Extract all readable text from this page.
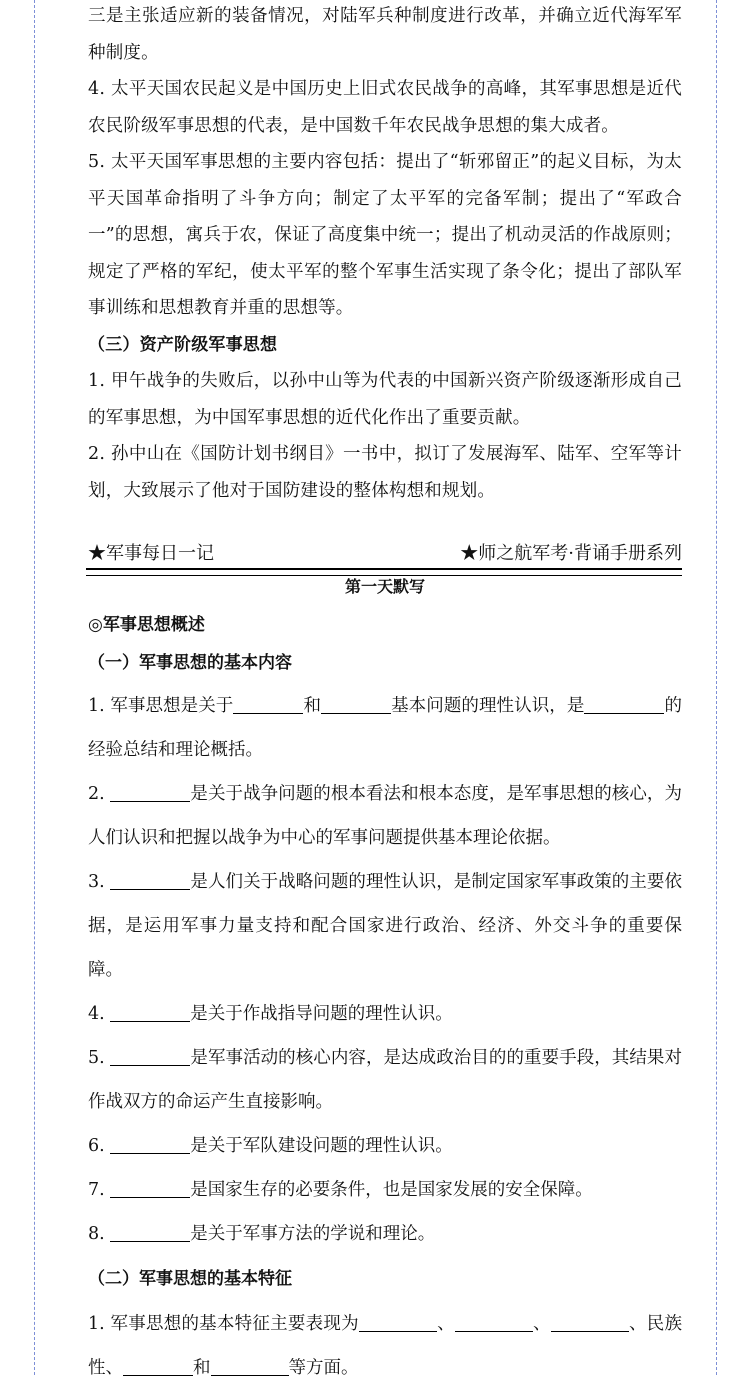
三是主张适应新的装备情况，对陆军兵种制度进行改革，并确立近代海军军种制度。

4. 太平天国农民起义是中国历史上旧式农民战争的高峰，其军事思想是近代农民阶级军事思想的代表，是中国数千年农民战争思想的集大成者。

5. 太平天国军事思想的主要内容包括：提出了“斩邪留正”的起义目标，为太平天国革命指明了斗争方向；制定了太平军的完备军制；提出了“军政合一”的思想，寓兵于农，保证了高度集中统一；提出了机动灵活的作战原则；规定了严格的军纪，使太平军的整个军事生活实现了条令化；提出了部队军事训练和思想教育并重的思想等。

（三）资产阶级军事思想

1. 甲午战争的失败后，以孙中山等为代表的中国新兴资产阶级逐渐形成自己的军事思想，为中国军事思想的近代化作出了重要贡献。

2. 孙中山在《国防计划书纲目》一书中，拟订了发展海军、陆军、空军等计划，大致展示了他对于国防建设的整体构想和规划。

★军事每日一记	★师之航军考·背诵手册系列

第一天默写

◎军事思想概述

（一）军事思想的基本内容

1. 军事思想是关于	和	基本问题的理性认识，是	的经验总结和理论概括。

2.	是关于战争问题的根本看法和根本态度，是军事思想的核心，为人们认识和把握以战争为中心的军事问题提供基本理论依据。

3.	是人们关于战略问题的理性认识，是制定国家军事政策的主要依据，是运用军事力量支持和配合国家进行政治、经济、外交斗争的重要保障。

4.	是关于作战指导问题的理性认识。

5.	是军事活动的核心内容，是达成政治目的的重要手段，其结果对作战双方的命运产生直接影响。

6.	是关于军队建设问题的理性认识。

7.	是国家生存的必要条件，也是国家发展的安全保障。

8.	是关于军事方法的学说和理论。

（二）军事思想的基本特征

1. 军事思想的基本特征主要表现为	、	、	、民族性、	和	等方面。
